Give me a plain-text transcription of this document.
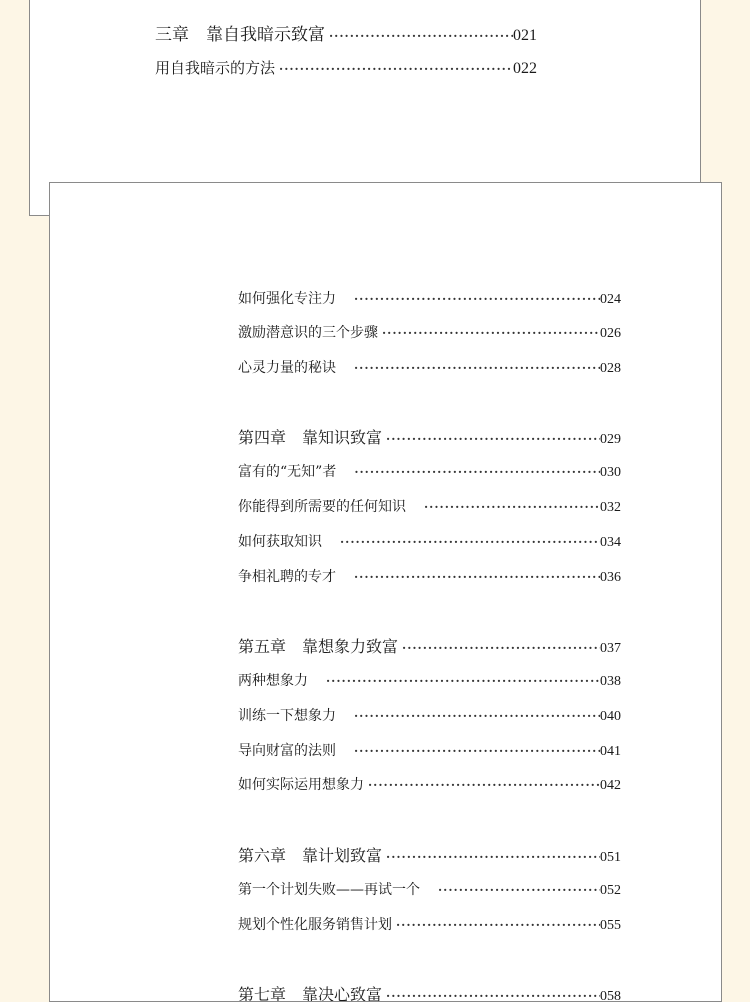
三章　靠自我暗示致富 ·····	021
用自我暗示的方法 ·····	022
如何强化专注力 ·····	024
激励潜意识的三个步骤 ·····	026
心灵力量的秘诀 ·····	028
第四章　靠知识致富 ·····	029
富有的“无知”者 ·····	030
你能得到所需要的任何知识 ·····	032
如何获取知识 ·····	034
争相礼聘的专才 ·····	036
第五章　靠想象力致富 ·····	037
两种想象力 ·····	038
训练一下想象力 ·····	040
导向财富的法则 ·····	041
如何实际运用想象力 ·····	042
第六章　靠计划致富 ·····	051
第一个计划失败——再试一个 ·····	052
规划个性化服务销售计划 ·····	055
第七章　靠决心致富 ·····	058
